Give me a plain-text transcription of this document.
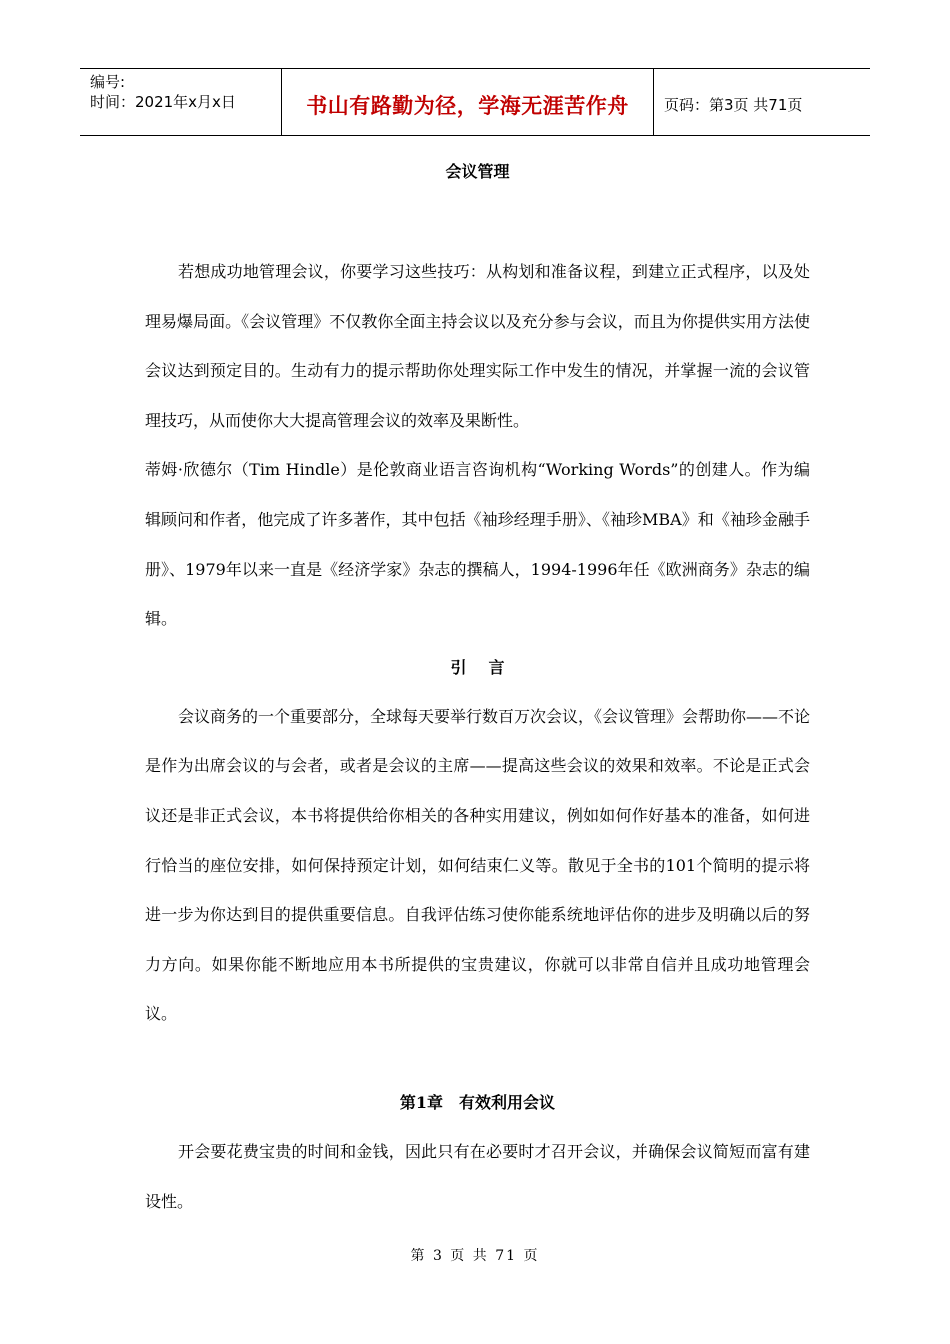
编号:
时间：2021年x月x日	书山有路勤为径，学海无涯苦作舟 页码：第3页 共71页
会议管理

若想成功地管理会议，你要学习这些技巧：从构划和准备议程，到建立正式程序，以及处理易爆局面。《会议管理》不仅教你全面主持会议以及充分参与会议，而且为你提供实用方法使会议达到预定目的。生动有力的提示帮助你处理实际工作中发生的情况，并掌握一流的会议管理技巧，从而使你大大提高管理会议的效率及果断性。

蒂姆·欣德尔（Tim Hindle）是伦敦商业语言咨询机构“Working Words”的创建人。作为编辑顾问和作者，他完成了许多著作，其中包括《袖珍经理手册》、《袖珍MBA》和《袖珍金融手册》、1979年以来一直是《经济学家》杂志的撰稿人，1994-1996年任《欧洲商务》杂志的编辑。

引言

会议商务的一个重要部分，全球每天要举行数百万次会议，《会议管理》会帮助你——不论是作为出席会议的与会者，或者是会议的主席——提高这些会议的效果和效率。不论是正式会议还是非正式会议，本书将提供给你相关的各种实用建议，例如如何作好基本的准备，如何进行恰当的座位安排，如何保持预定计划，如何结束仁义等。散见于全书的101个简明的提示将进一步为你达到目的提供重要信息。自我评估练习使你能系统地评估你的进步及明确以后的努力方向。如果你能不断地应用本书所提供的宝贵建议，你就可以非常自信并且成功地管理会议。

第1章　有效利用会议

开会要花费宝贵的时间和金钱，因此只有在必要时才召开会议，并确保会议简短而富有建设性。

第 3 页 共 71 页
